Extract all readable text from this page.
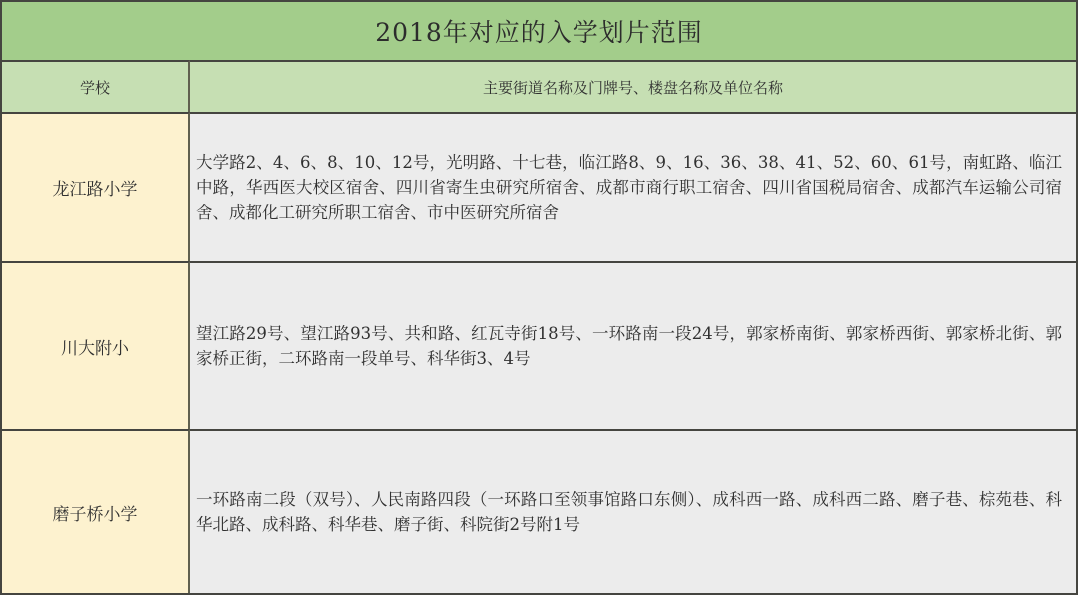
2018年对应的入学划片范围
学校	主要街道名称及门牌号、楼盘名称及单位名称
龙江路小学
大学路2、4、6、8、10、12号，光明路、十七巷，临江路8、9、16、36、38、41、52、60、61号，南虹路、临江中路，华西医大校区宿舍、四川省寄生虫研究所宿舍、成都市商行职工宿舍、四川省国税局宿舍、成都汽车运输公司宿舍、成都化工研究所职工宿舍、市中医研究所宿舍
川大附小
望江路29号、望江路93号、共和路、红瓦寺街18号、一环路南一段24号，郭家桥南街、郭家桥西街、郭家桥北街、郭家桥正街，二环路南一段单号、科华街3、4号
磨子桥小学
一环路南二段（双号）、人民南路四段（一环路口至领事馆路口东侧）、成科西一路、成科西二路、磨子巷、棕苑巷、科华北路、成科路、科华巷、磨子街、科院街2号附1号
